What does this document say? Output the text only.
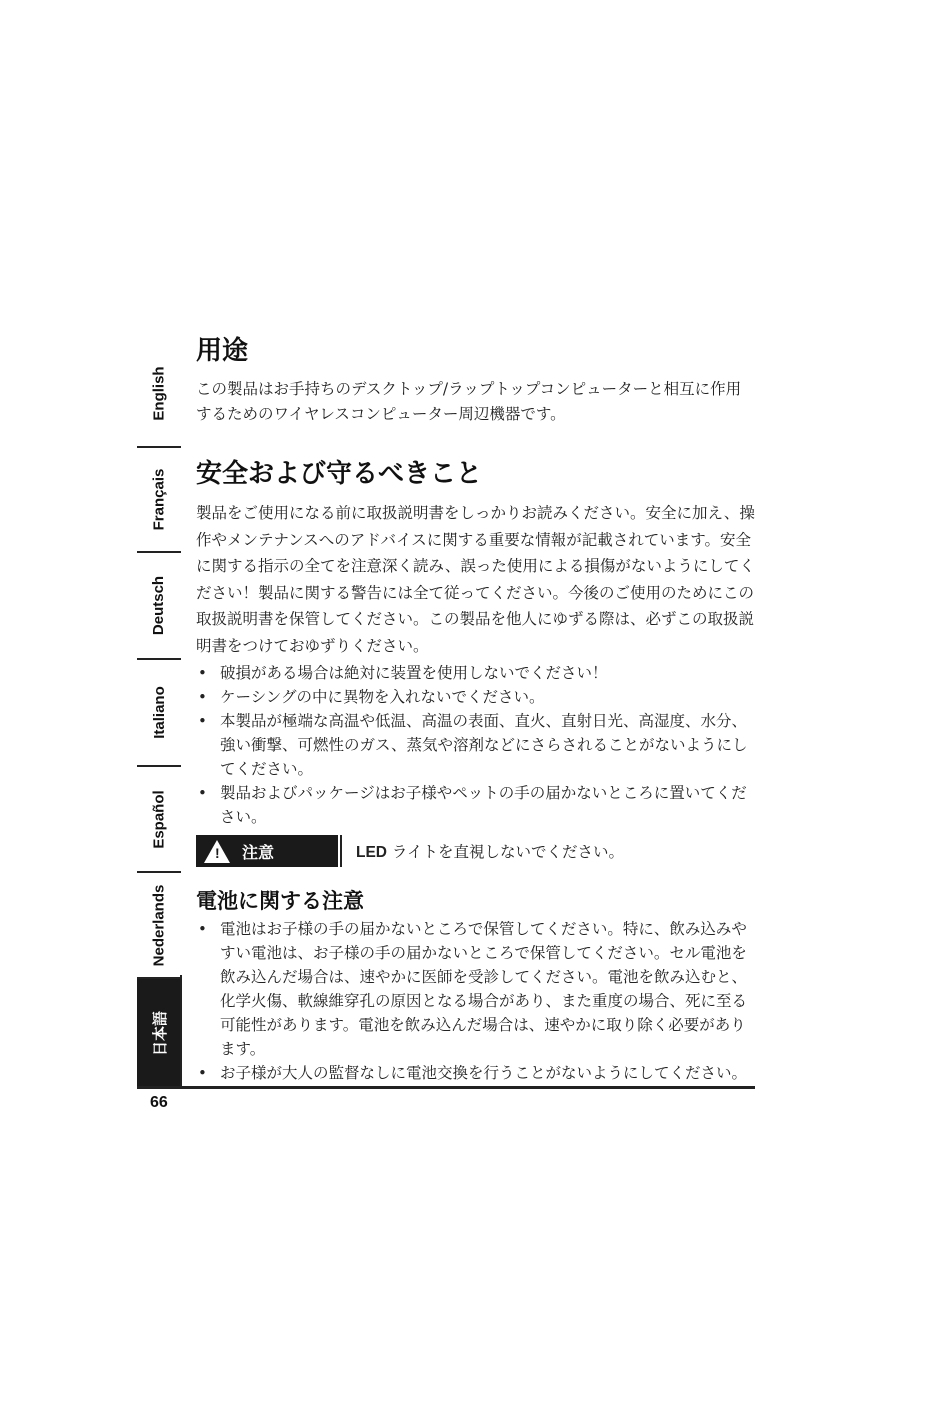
English
Français
Deutsch
Italiano
Español
Nederlands
日本語
用途

この製品はお手持ちのデスクトップ/ラップトップコンピューターと相互に作用するためのワイヤレスコンピューター周辺機器です。

安全および守るべきこと

製品をご使用になる前に取扱説明書をしっかりお読みください。安全に加え、操作やメンテナンスへのアドバイスに関する重要な情報が記載されています。安全に関する指示の全てを注意深く読み、誤った使用による損傷がないようにしてください！製品に関する警告には全て従ってください。今後のご使用のためにこの取扱説明書を保管してください。この製品を他人にゆずる際は、必ずこの取扱説明書をつけておゆずりください。

• 破損がある場合は絶対に装置を使用しないでください！
• ケーシングの中に異物を入れないでください。
• 本製品が極端な高温や低温、高温の表面、直火、直射日光、高湿度、水分、強い衝撃、可燃性のガス、蒸気や溶剤などにさらされることがないようにしてください。
• 製品およびパッケージはお子様やペットの手の届かないところに置いてください。
! 注意	LED ライトを直視しないでください。
電池に関する注意
• 電池はお子様の手の届かないところで保管してください。特に、飲み込みやすい電池は、お子様の手の届かないところで保管してください。セル電池を飲み込んだ場合は、速やかに医師を受診してください。電池を飲み込むと、化学火傷、軟線維穿孔の原因となる場合があり、また重度の場合、死に至る可能性があります。電池を飲み込んだ場合は、速やかに取り除く必要があります。
• お子様が大人の監督なしに電池交換を行うことがないようにしてください。
66
